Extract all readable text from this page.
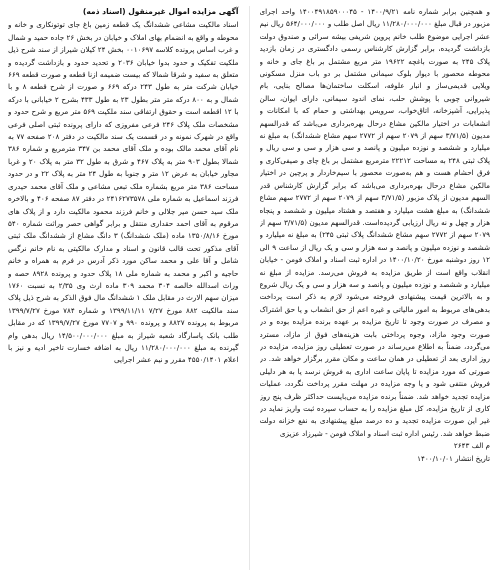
آگهی مزایده اموال غیرمنقول (اسناد ذمه)

اسناد مالکیت مشاعی ششدانگ یک قطعه زمین باغ جای توتونکاری و خانه و محوطه و واقع به انضمام بهای املاک و خیابان در بخش ۲۶ جاده حمید و شمال و غرب اساس پرونده کلاسه ۰۰۱۰۶۹۷ بخش ۲۴ کیلان شیراز از سند شرح ذیل ملکیت تفکیک و حدود بدوا خیابان ۲۰۳۶ و تحدید حدود و بازداشت گردیده و متعلق به سفید و شرقا شمالا که بیست ضمیمه ازنا قطعه و صورت قطعه ۶۶۹ خیابان شرکت متر به طول ۲۴۳ درکه ۶۶۹ و صورت از شرح قطعه ۸ و با شمال و به ۸۰۰ درکه متر متر بطول ۲۳ به طول ۴۳۳ بشرح ۲ خیابانی با درکه با ۱۲ اقطعه است و حقوق ارتفاقی سند ملکیت ۵۶۹ متر مربع و شرح حدود و مشخصات ملک پلاک ۲۴۶ فرعی مفروزی که دارای پرونده ثبتی اصلی فرعی واقع در شهرک نمونه و در قسمت یک سند مالکیت در دفتر ۲۰۸ صفحه ۷۷ به نام آقای محمد مالک بوده و ملک آقای محمد بن ۳۴۷ مترمربع و شماره ۳۸۶ شمالا بطول ۹۰۳ متر به پلاک ۴۶۷ و شرق به طول ۳۲ متر به پلاک ۲۰ و غربا مجاور خیابان به عرض ۱۲ متر و جنوبا به طول ۲۴ متر به پلاک ۲۲ و در حدود مساحت ۳۸۶ متر مربع بشماره ملک تبعی مشاعی و ملک آقای محمد حیدری فرزند اسماعیل به شماره ملی ۲۴۱۶۲۷۳۵۷۸ در دفتر ۸۷ صفحه ۴۰۶ و بالاخره ملک سید حسن میر جلالی و خانم فرزند محمود مالکیت دارد و از پلاک های مرقوم به آقای احمد حقداری منتقل و برابر گواهی حصر وراثت شماره ۵۴۰ مورخ ۱۳۵۰/۸/۱۶ ماده (ملک ششدانگ) ۳ دانگ مشاع از ششدانگ ملک ثبتی آقای مذکور تحت قالب قانون و اسناد و مدارک مالکیتی به نام خانم نرگس شامل و آقا علی و محمد ساکن مورد ذکر آدرس در فرم به همراه و خانم حاجیه و اکبر و محمد به شماره ملی ۱۸ پلاک حدود و پرونده ۸۹۲۸ حصه و وراث اسدالله خالصه ۳۰۴ محمد ۳۰۹ ماده ارث وی ۲/۳۵ به نسبت ۱۷۶۰ میزان سهم الارث در مقابل ملک ۱ ششدانگ مال فوق الذکر به شرح ذیل پلاک سند مالکیت ۸۸۲ مورخ ۷/۲۷ ۱۳۹۹/۱۱/۱۱ و شماره ۷۸۴ مورخ ۱۳۹۹/۷/۲۷ مربوط به پرونده ۸۸۲۷ و پرونده ۹۹۰ و ۷۷۰۷ مورخ ۱۳۹۹/۷/۲۷ که در مقابل طلب بانک پاسارگاد شعبه شیراز به مبلغ ۱۴/۵۰۰/۰۰۰/۰۰۰ ریال بدهی وام گیرنده به مبلغ ۱۱/۲۸۰/۰۰۰/۰۰۰ ریال به اضافه خسارت تاخیر ادیه و نیز با اعلام ۴۵۵۰/۱۴۰۱ مقرر و نیم عشر اجرایی

و همچنین برابر شماره نامه ۱۴۰۰/۹/۲۱ - ۱۴۰۰۴۹۱۸۵۹۰۰۰۴۵ واحد اجرای مزبور در قبال مبلغ ۱۱/۲۸۰/۰۰۰/۰۰۰ ریال اصل طلب و ۵۶۴/۰۰۰/۰۰۰ ریال نیم عشر اجرایی موضوع طلب خانم پروین شریفی بیشه سرائی و صندوق دولت بازداشت گردیده، برابر گزارش کارشناس رسمی دادگستری در زمان بازدید پلاک ۲۴۵ به صورت باغچه ۱۹۶۲۲ متر مربع مشتمل بر باغ جای و خانه و محوطه محصور با دیوار بلوک سیمانی مشتمل بر دو باب منزل مسکونی ویلایی قدیمی‌ساز و انبار علوفه، اسکلت ساختمان‌ها مصالح بنایی، بام شیروانی چوبی با پوشش حلب، نمای اندود سیمانی، دارای ایوان، سالن پذیرایی، آشپزخانه، اتاق‌خواب، سرویس بهداشتی و حمام که با امکانات و انشعابات در اختیار مالکین مشاع درحال بهره‌برداری می‌باشد که قدرالسهم مدیون (۳/۷۱/۵ سهم از ۲۰۷۹ سهم از ۲۷۷۲ سهم مشاع ششدانگ) به مبلغ نه میلیارد و ششصد و نوزده میلیون و پانصد و سی هزار و سی و سی ریال و پلاک ثبتی ۲۴۸ به مساحت ۲۲۲۱۲ مترمربع مشتمل بر باغ چای و صیفی‌کاری و فرق احشام هست و هم به‌صورت محصور با سیم‌خاردار و پرچین در اختیار مالکین مشاع درحال بهره‌برداری می‌باشد که برابر گزارش کارشناس قدر السهم مدیون از پلاک مزبور (۳/۷۱/۵ سهم از ۲۰۷۹ سهم از ۲۷۷۲ سهم مشاع ششدانگ) به مبلغ هشت میلیارد و هفتصد و هشتاد میلیون و ششصد و پنجاه هزار و چهل و نه ریال ارزیابی گردیده‌است. قدرالسهم مدیون (۳/۷۱/۵ سهم از ۲۰۷۹ سهم از ۲۷۷۲ سهم مشاع ششدانگ پلاک ثبتی ۲۴۵) به مبلغ نه میلیارد و ششصد و نوزده میلیون و پانصد و سه هزار و سی و یک ریال از ساعت ۹ الی ۱۲ روز دوشنبه مورخ ۱۴۰۰/۱۰/۲۰ در اداره ثبت اسناد و املاک فومن - خیابان انقلاب واقع است از طریق مزایده به فروش می‌رسد. مزایده از مبلغ نه میلیارد و ششصد و نوزده میلیون و پانصد و سه هزار و سی و یک ریال شروع و به بالاترین قیمت پیشنهادی فروخته می‌شود لازم به ذکر است پرداخت بدهی‌های مربوط به امور مالیاتی و غیره اعم از حق انشعاب و یا حق اشتراک و مصرف در صورت وجود تا تاریخ مزایده بر عهده برنده مزایده بوده و در صورت وجود مازاد، وجوه پرداختی بابت هزینه‌های فوق از مازاد، مسترد می‌گردد، ضمناً به اطلاع می‌رساند در صورت تعطیلی روز مزایده، مزایده در روز اداری بعد از تعطیلی در همان ساعت و مکان مقرر برگزار خواهد شد. در صورتی که مورد مزایده تا پایان ساعت اداری به فروش نرسد یا به هر دلیلی فروش منتفی شود و یا وجه مزایده در مهلت مقرر پرداخت نگردد، عملیات مزایده تجدید خواهد شد. ضمناً برنده مزایده می‌بایست حداکثر ظرف پنج روز کاری از تاریخ مزایده، کل مبلغ مزایده را به حساب سپرده ثبت واریز نماید در غیر این صورت مزایده تجدید و ده درصد مبلغ پیشنهادی به نفع خزانه دولت ضبط خواهد شد. رئیس اداره ثبت اسناد و املاک فومن - شیرزاد عزیزی

م الف ۲۶۴۳
تاریخ انتشار ۱۴۰۰/۱۰/۰۱
